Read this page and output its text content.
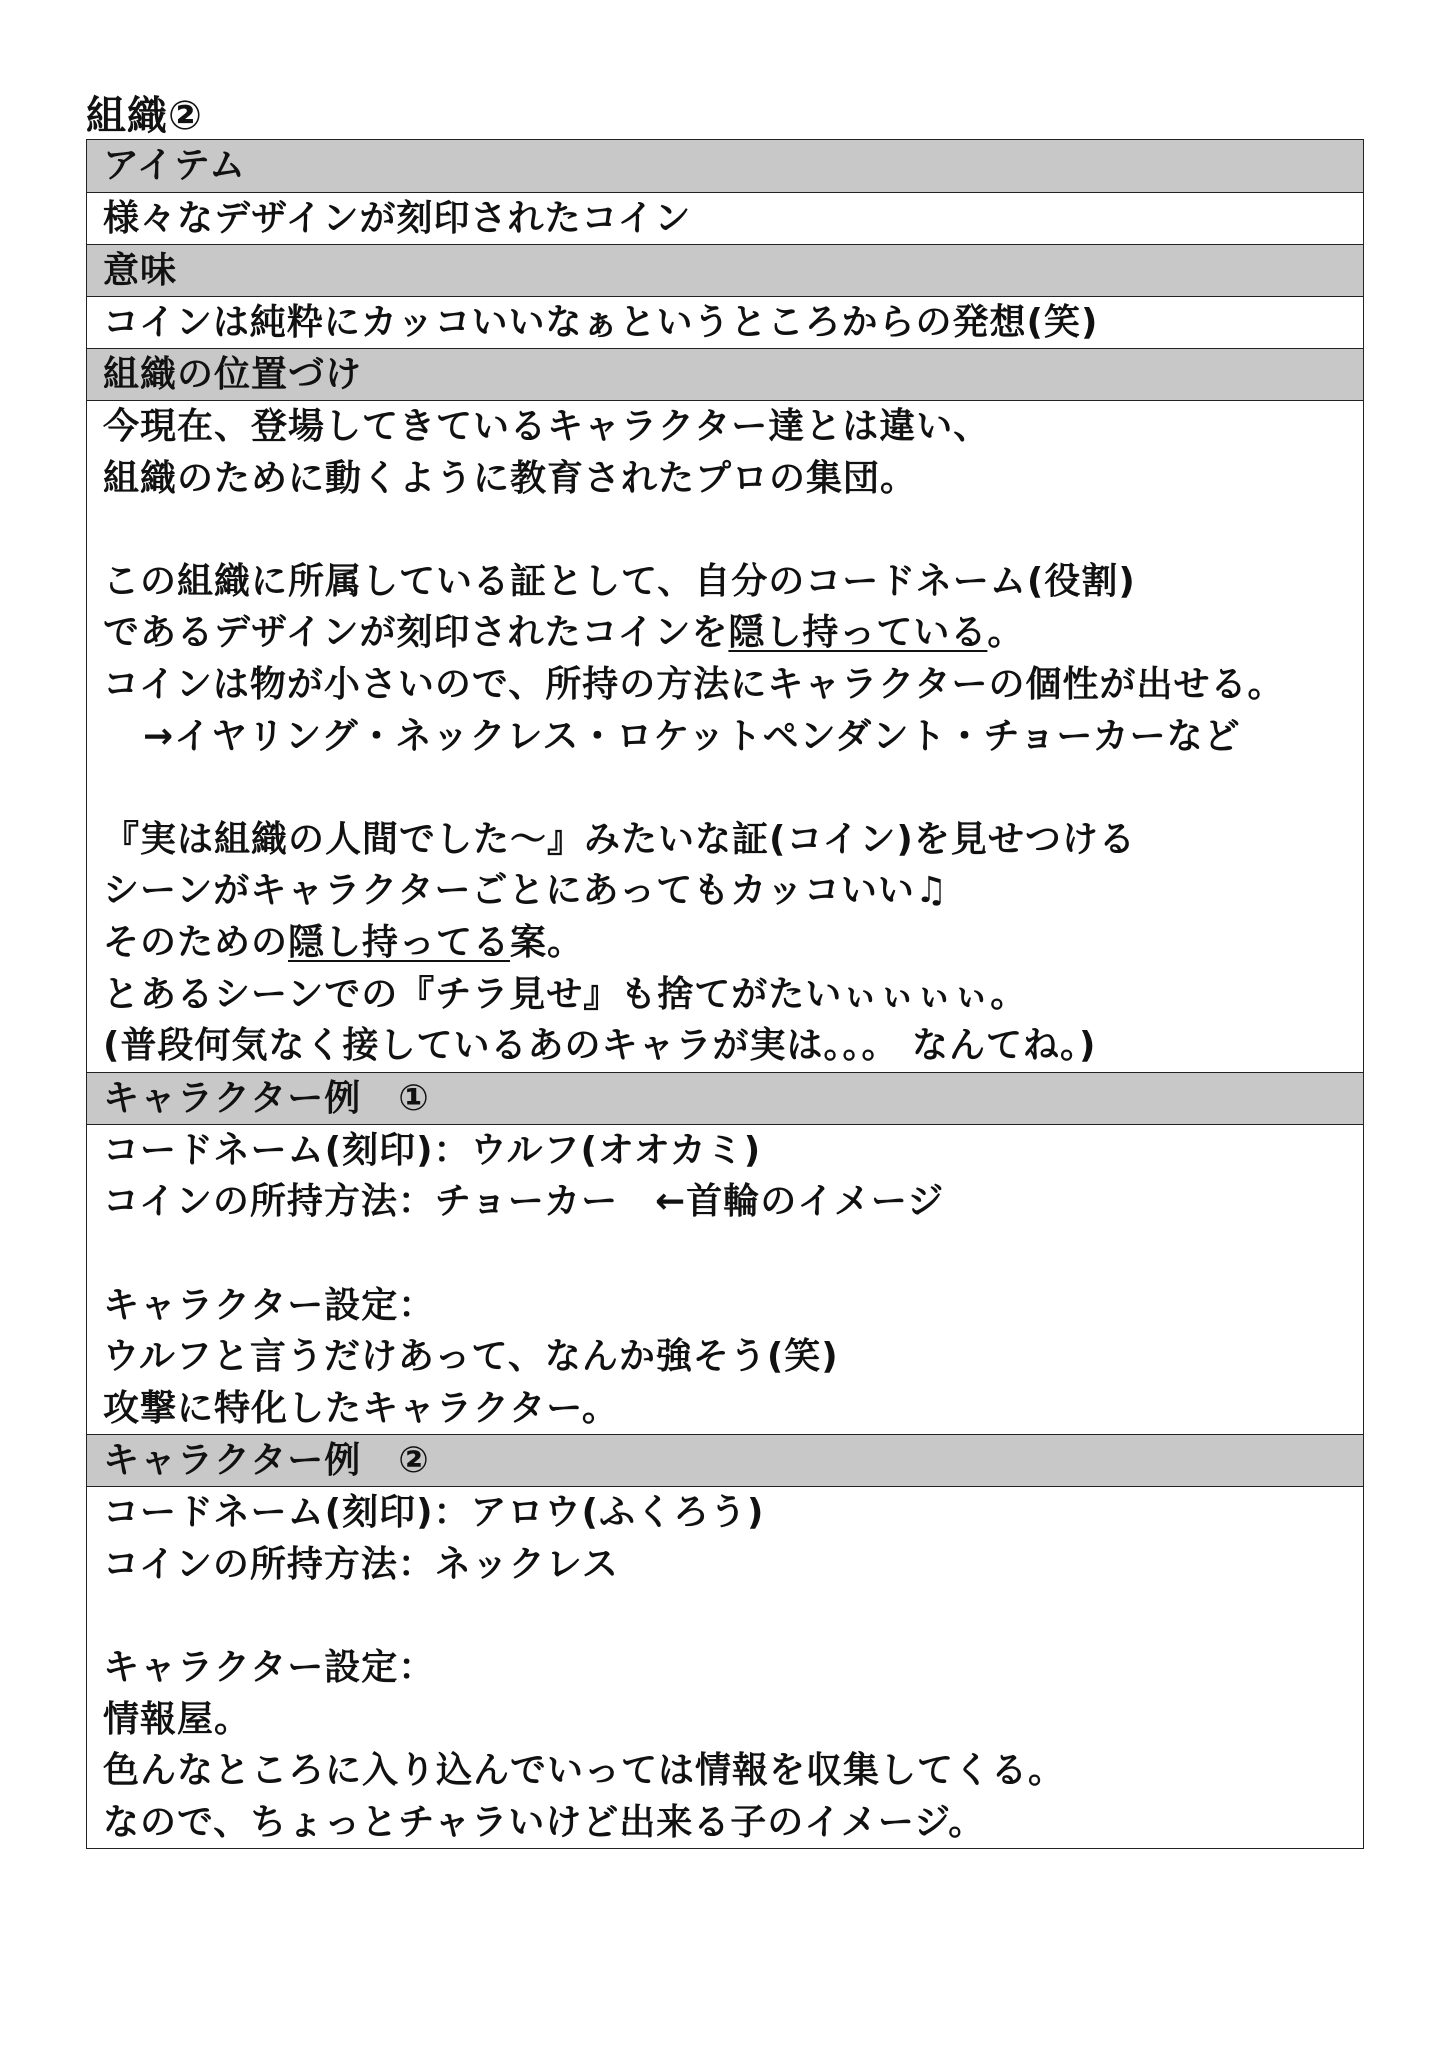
組織②
アイテム
様々なデザインが刻印されたコイン
意味
コインは純粋にカッコいいなぁというところからの発想(笑)
組織の位置づけ
今現在、登場してきているキャラクター達とは違い、
組織のために動くように教育されたプロの集団。
この組織に所属している証として、自分のコードネーム(役割)
であるデザインが刻印されたコインを隠し持っている。
コインは物が小さいので、所持の方法にキャラクターの個性が出せる。
→イヤリング・ネックレス・ロケットペンダント・チョーカーなど
『実は組織の人間でした～』みたいな証(コイン)を見せつける
シーンがキャラクターごとにあってもカッコいい♫
そのための隠し持ってる案。
とあるシーンでの『チラ見せ』も捨てがたいぃぃぃぃ。
(普段何気なく接しているあのキャラが実は。。。 なんてね。)
キャラクター例　①
コードネーム(刻印)：ウルフ(オオカミ)
コインの所持方法：チョーカー　←首輪のイメージ
キャラクター設定：
ウルフと言うだけあって、なんか強そう(笑)
攻撃に特化したキャラクター。
キャラクター例　②
コードネーム(刻印)：アロウ(ふくろう)
コインの所持方法：ネックレス
キャラクター設定：
情報屋。
色んなところに入り込んでいっては情報を収集してくる。
なので、ちょっとチャラいけど出来る子のイメージ。
